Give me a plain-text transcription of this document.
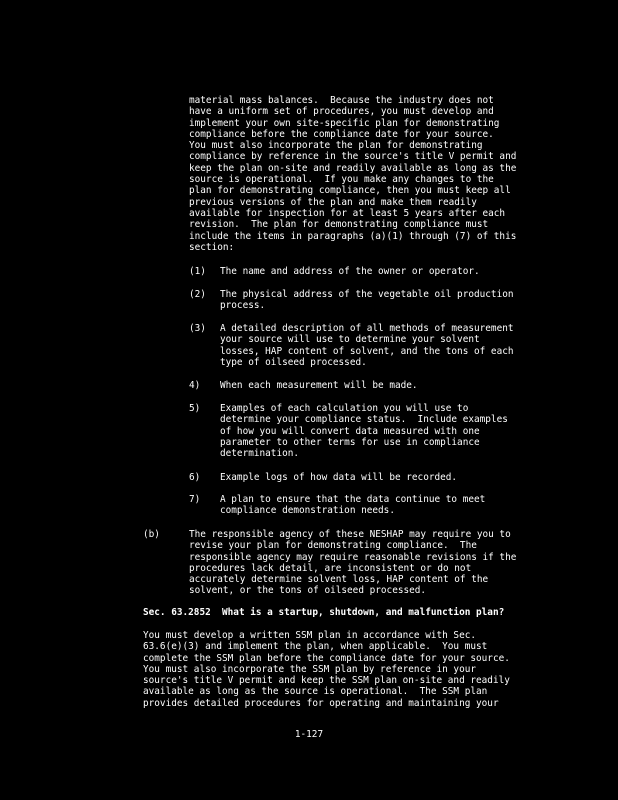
material mass balances.  Because the industry does not
have a uniform set of procedures, you must develop and
implement your own site-specific plan for demonstrating
compliance before the compliance date for your source.
You must also incorporate the plan for demonstrating
compliance by reference in the source's title V permit and
keep the plan on-site and readily available as long as the
source is operational.  If you make any changes to the
plan for demonstrating compliance, then you must keep all
previous versions of the plan and make them readily
available for inspection for at least 5 years after each
revision.  The plan for demonstrating compliance must
include the items in paragraphs (a)(1) through (7) of this
section:

(1)

	The name and address of the owner or operator.

(2)

	The physical address of the vegetable oil production
process.

(3)

	A detailed description of all methods of measurement
your source will use to determine your solvent
losses, HAP content of solvent, and the tons of each
type of oilseed processed.

4)

	When each measurement will be made.

5)

	Examples of each calculation you will use to
determine your compliance status.  Include examples
of how you will convert data measured with one
parameter to other terms for use in compliance
determination.

6)

	Example logs of how data will be recorded.

7)

	A plan to ensure that the data continue to meet
compliance demonstration needs.

(b)	The responsible agency of these NESHAP may require you to
revise your plan for demonstrating compliance.  The
responsible agency may require reasonable revisions if the
procedures lack detail, are inconsistent or do not
accurately determine solvent loss, HAP content of the
solvent, or the tons of oilseed processed.
Sec. 63.2852  What is a startup, shutdown, and malfunction plan?
You must develop a written SSM plan in accordance with Sec.
63.6(e)(3) and implement the plan, when applicable.  You must
complete the SSM plan before the compliance date for your source.
You must also incorporate the SSM plan by reference in your
source's title V permit and keep the SSM plan on-site and readily
available as long as the source is operational.  The SSM plan
provides detailed procedures for operating and maintaining your
1-127
